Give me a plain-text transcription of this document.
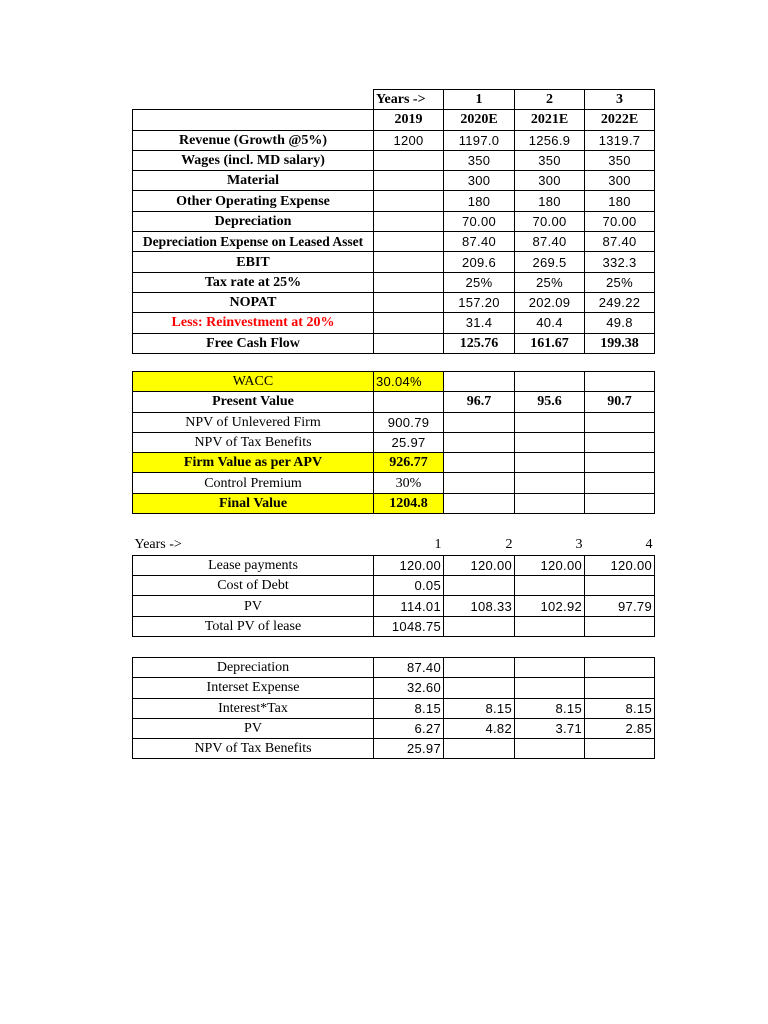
	Years ->	1	2	3
	2019	2020E	2021E	2022E
Revenue (Growth @5%)	1200	1197.0	1256.9	1319.7
Wages (incl. MD salary)		350	350	350
Material		300	300	300
Other Operating Expense		180	180	180
Depreciation		70.00	70.00	70.00
Depreciation Expense on Leased Asset		87.40	87.40	87.40
EBIT		209.6	269.5	332.3
Tax rate at 25%		25%	25%	25%
NOPAT		157.20	202.09	249.22
Less: Reinvestment at 20%		31.4	40.4	49.8
Free Cash Flow		125.76	161.67	199.38
WACC	30.04%			
Present Value		96.7	95.6	90.7
NPV of Unlevered Firm	900.79			
NPV of Tax Benefits	25.97			
Firm Value as per APV	926.77			
Control Premium	30%			
Final Value	1204.8			
Years ->	1	2	3	4
Lease payments	120.00	120.00	120.00	120.00
Cost of Debt	0.05			
PV	114.01	108.33	102.92	97.79
Total PV of lease	1048.75			
Depreciation	87.40			
Interset Expense	32.60			
Interest*Tax	8.15	8.15	8.15	8.15
PV	6.27	4.82	3.71	2.85
NPV of Tax Benefits	25.97			
